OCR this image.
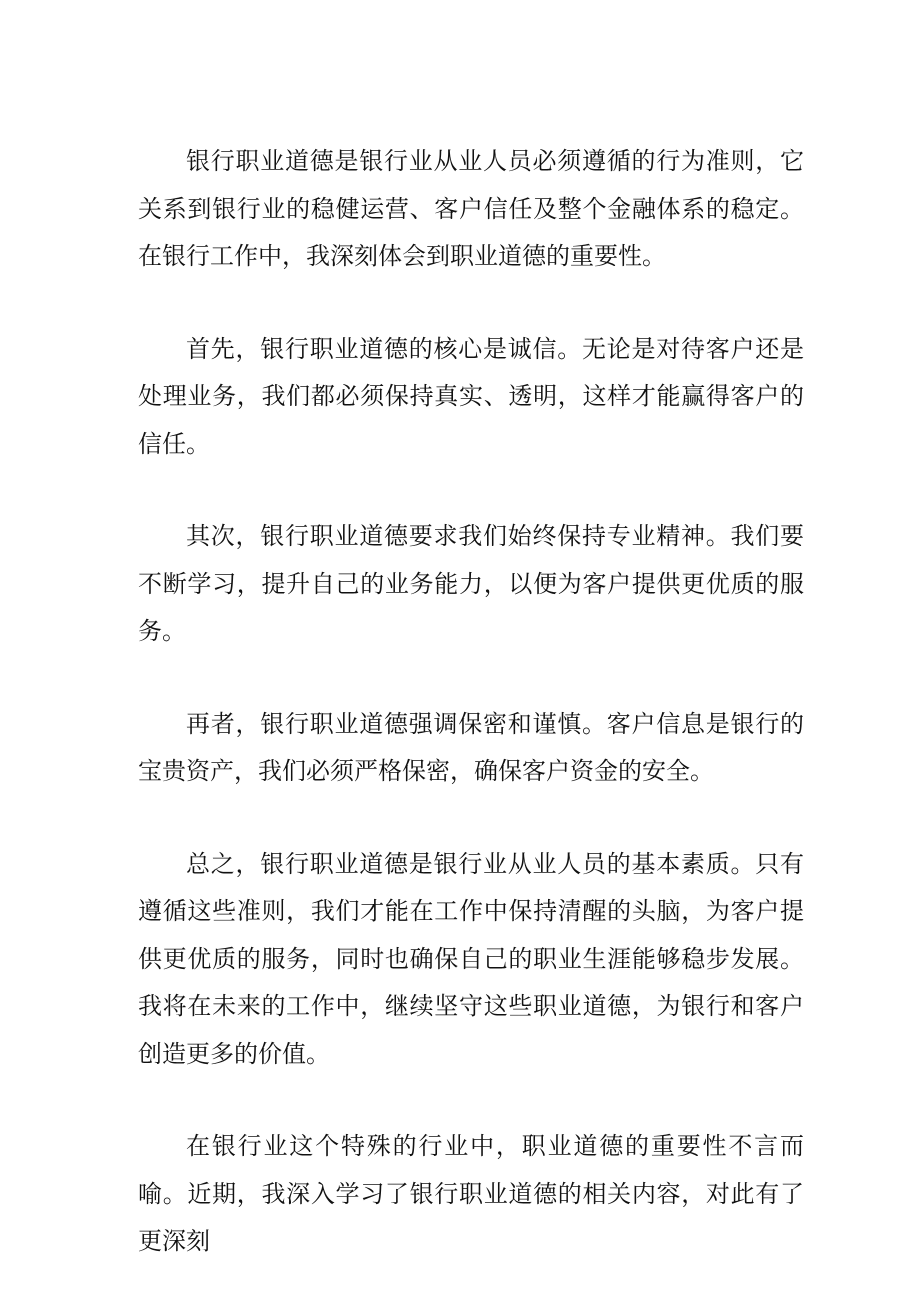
银行职业道德是银行业从业人员必须遵循的行为准则，它关系到银行业的稳健运营、客户信任及整个金融体系的稳定。在银行工作中，我深刻体会到职业道德的重要性。

首先，银行职业道德的核心是诚信。无论是对待客户还是处理业务，我们都必须保持真实、透明，这样才能赢得客户的信任。

其次，银行职业道德要求我们始终保持专业精神。我们要不断学习，提升自己的业务能力，以便为客户提供更优质的服务。

再者，银行职业道德强调保密和谨慎。客户信息是银行的宝贵资产，我们必须严格保密，确保客户资金的安全。

总之，银行职业道德是银行业从业人员的基本素质。只有遵循这些准则，我们才能在工作中保持清醒的头脑，为客户提供更优质的服务，同时也确保自己的职业生涯能够稳步发展。我将在未来的工作中，继续坚守这些职业道德，为银行和客户创造更多的价值。

在银行业这个特殊的行业中，职业道德的重要性不言而喻。近期，我深入学习了银行职业道德的相关内容，对此有了更深刻
